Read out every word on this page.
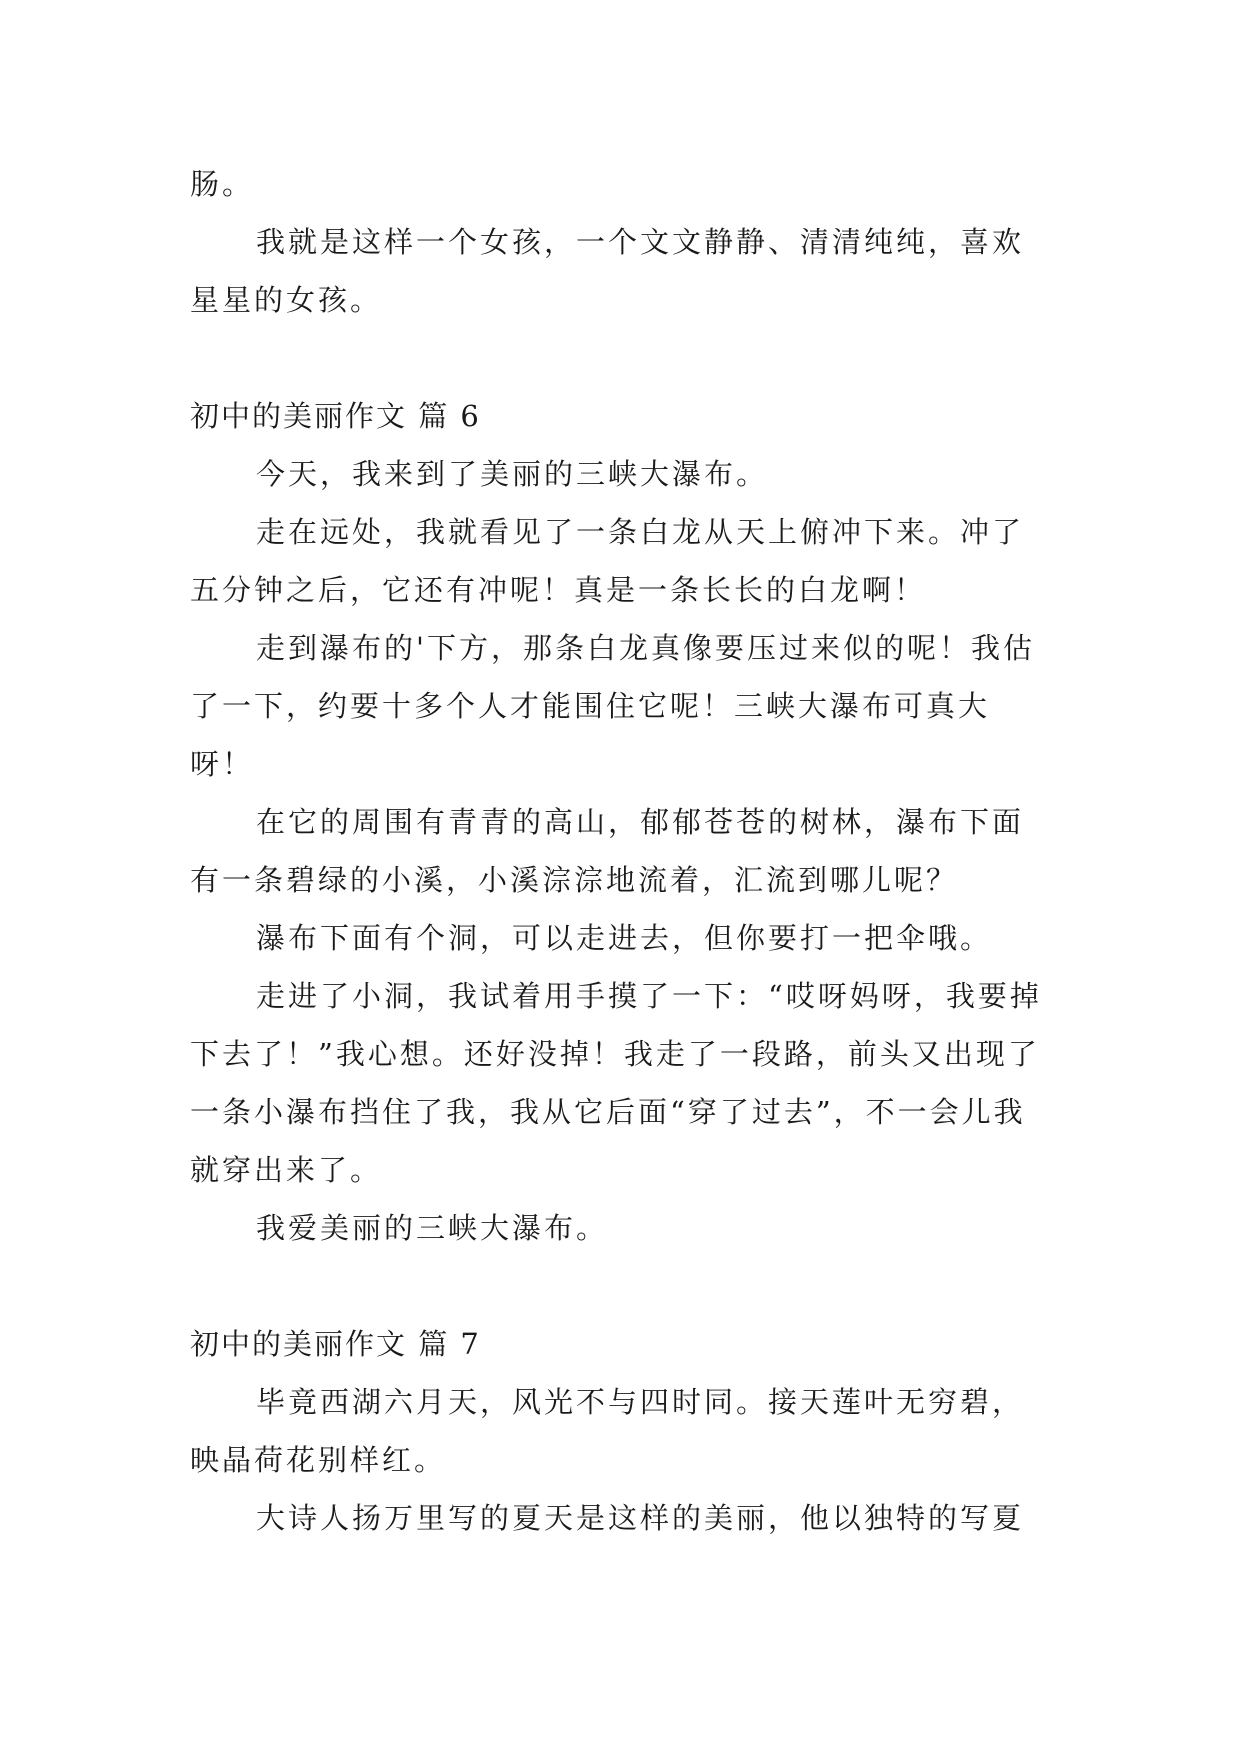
肠。

我就是这样一个女孩，一个文文静静、清清纯纯，喜欢星星的女孩。

初中的美丽作文 篇 6

今天，我来到了美丽的三峡大瀑布。

走在远处，我就看见了一条白龙从天上俯冲下来。冲了五分钟之后，它还有冲呢！真是一条长长的白龙啊！

走到瀑布的'下方，那条白龙真像要压过来似的呢！我估了一下，约要十多个人才能围住它呢！三峡大瀑布可真大呀！

在它的周围有青青的高山，郁郁苍苍的树林，瀑布下面有一条碧绿的小溪，小溪淙淙地流着，汇流到哪儿呢？

瀑布下面有个洞，可以走进去，但你要打一把伞哦。

走进了小洞，我试着用手摸了一下：“哎呀妈呀，我要掉下去了！”我心想。还好没掉！我走了一段路，前头又出现了一条小瀑布挡住了我，我从它后面“穿了过去”，不一会儿我就穿出来了。

我爱美丽的三峡大瀑布。

初中的美丽作文 篇 7

毕竟西湖六月天，风光不与四时同。接天莲叶无穷碧，映晶荷花别样红。

大诗人扬万里写的夏天是这样的美丽，他以独特的写夏
